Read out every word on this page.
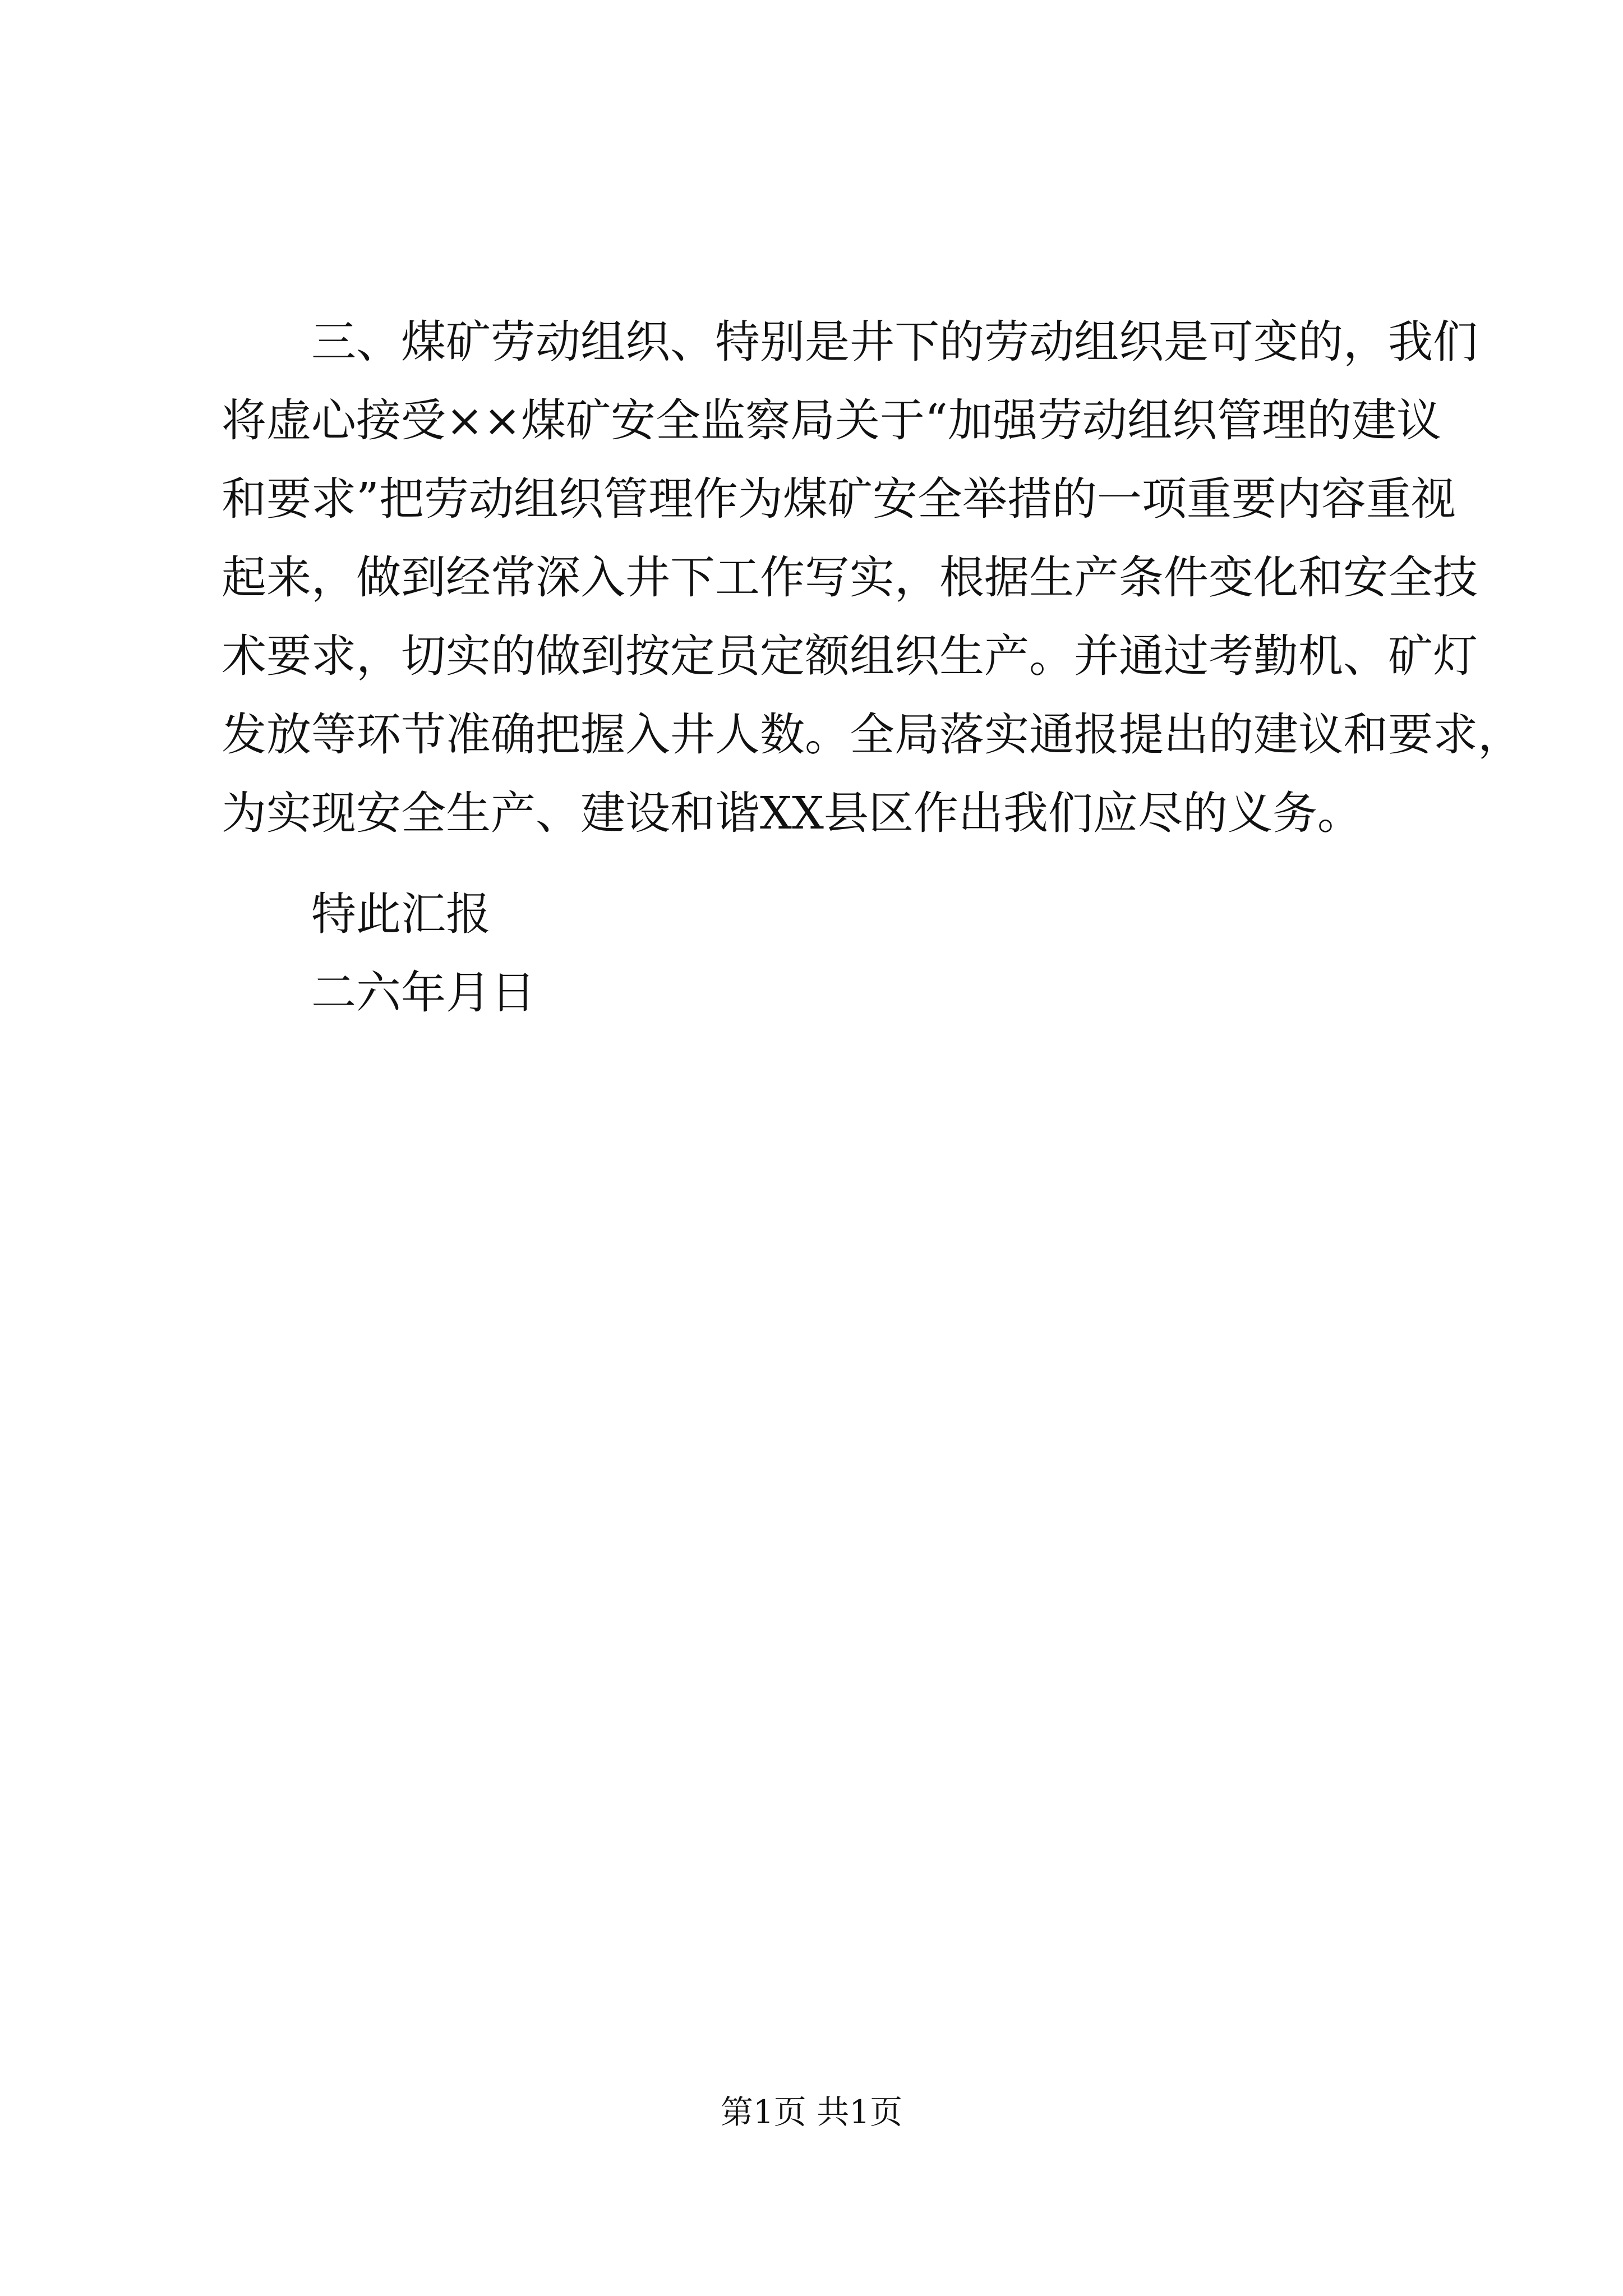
三、煤矿劳动组织、特别是井下的劳动组织是可变的，我们
将虚心接受××煤矿安全监察局关于“加强劳动组织管理的建议
和要求”把劳动组织管理作为煤矿安全举措的一项重要内容重视
起来，做到经常深入井下工作写实，根据生产条件变化和安全技
术要求，切实的做到按定员定额组织生产。并通过考勤机、矿灯
发放等环节准确把握入井人数。全局落实通报提出的建议和要求，
为实现安全生产、建设和谐XX县区作出我们应尽的义务。
特此汇报
二六年月日
第1页 共1页
